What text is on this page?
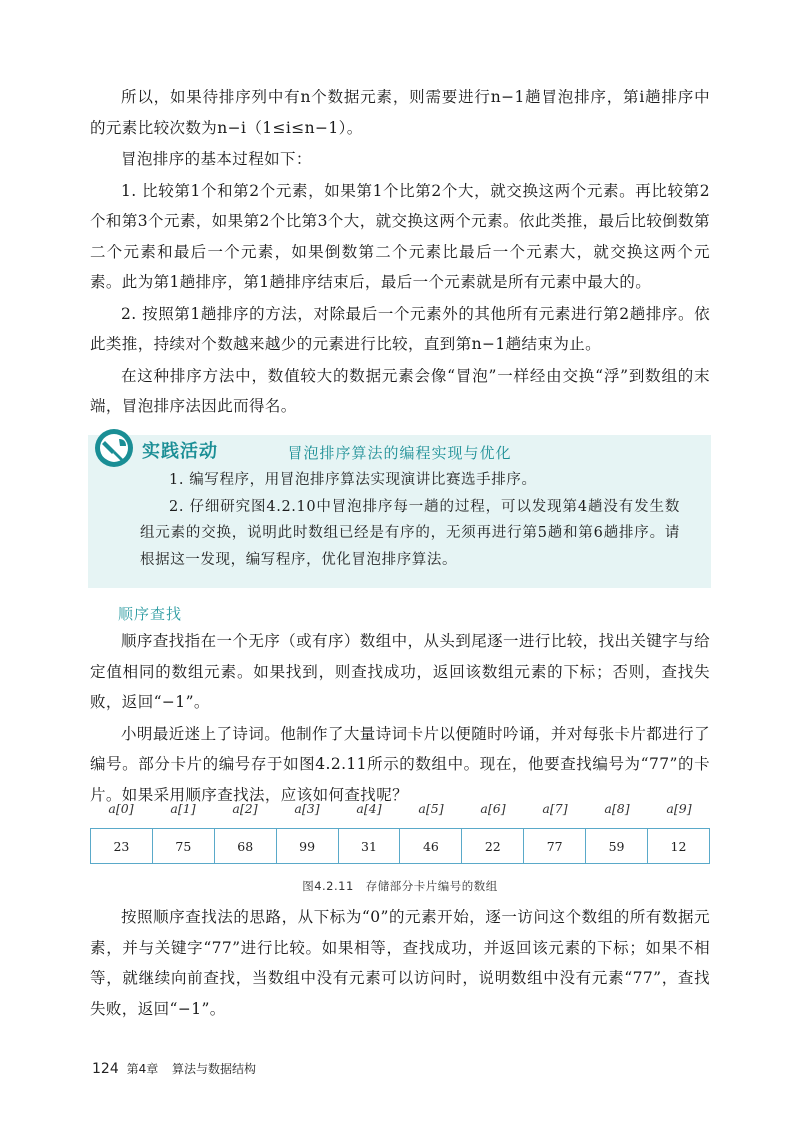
所以，如果待排序列中有n个数据元素，则需要进行n−1趟冒泡排序，第i趟排序中的元素比较次数为n−i（1≤i≤n−1）。

冒泡排序的基本过程如下：

1. 比较第1个和第2个元素，如果第1个比第2个大，就交换这两个元素。再比较第2个和第3个元素，如果第2个比第3个大，就交换这两个元素。依此类推，最后比较倒数第二个元素和最后一个元素，如果倒数第二个元素比最后一个元素大，就交换这两个元素。此为第1趟排序，第1趟排序结束后，最后一个元素就是所有元素中最大的。

2. 按照第1趟排序的方法，对除最后一个元素外的其他所有元素进行第2趟排序。依此类推，持续对个数越来越少的元素进行比较，直到第n−1趟结束为止。

在这种排序方法中，数值较大的数据元素会像“冒泡”一样经由交换“浮”到数组的末端，冒泡排序法因此而得名。

实践活动	冒泡排序算法的编程实现与优化

1. 编写程序，用冒泡排序算法实现演讲比赛选手排序。

2. 仔细研究图4.2.10中冒泡排序每一趟的过程，可以发现第4趟没有发生数组元素的交换，说明此时数组已经是有序的，无须再进行第5趟和第6趟排序。请根据这一发现，编写程序，优化冒泡排序算法。

顺序查找

顺序查找指在一个无序（或有序）数组中，从头到尾逐一进行比较，找出关键字与给定值相同的数组元素。如果找到，则查找成功，返回该数组元素的下标；否则，查找失败，返回“−1”。

小明最近迷上了诗词。他制作了大量诗词卡片以便随时吟诵，并对每张卡片都进行了编号。部分卡片的编号存于如图4.2.11所示的数组中。现在，他要查找编号为“77”的卡片。如果采用顺序查找法，应该如何查找呢？

a[0]	a[1]	a[2]	a[3]	a[4]	a[5]	a[6]	a[7]	a[8]	a[9]
23	75	68	99	31	46	22	77	59	12
图4.2.11　存储部分卡片编号的数组

按照顺序查找法的思路，从下标为“0”的元素开始，逐一访问这个数组的所有数据元素，并与关键字“77”进行比较。如果相等，查找成功，并返回该元素的下标；如果不相等，就继续向前查找，当数组中没有元素可以访问时，说明数组中没有元素“77”，查找失败，返回“−1”。

124 第4章 算法与数据结构
